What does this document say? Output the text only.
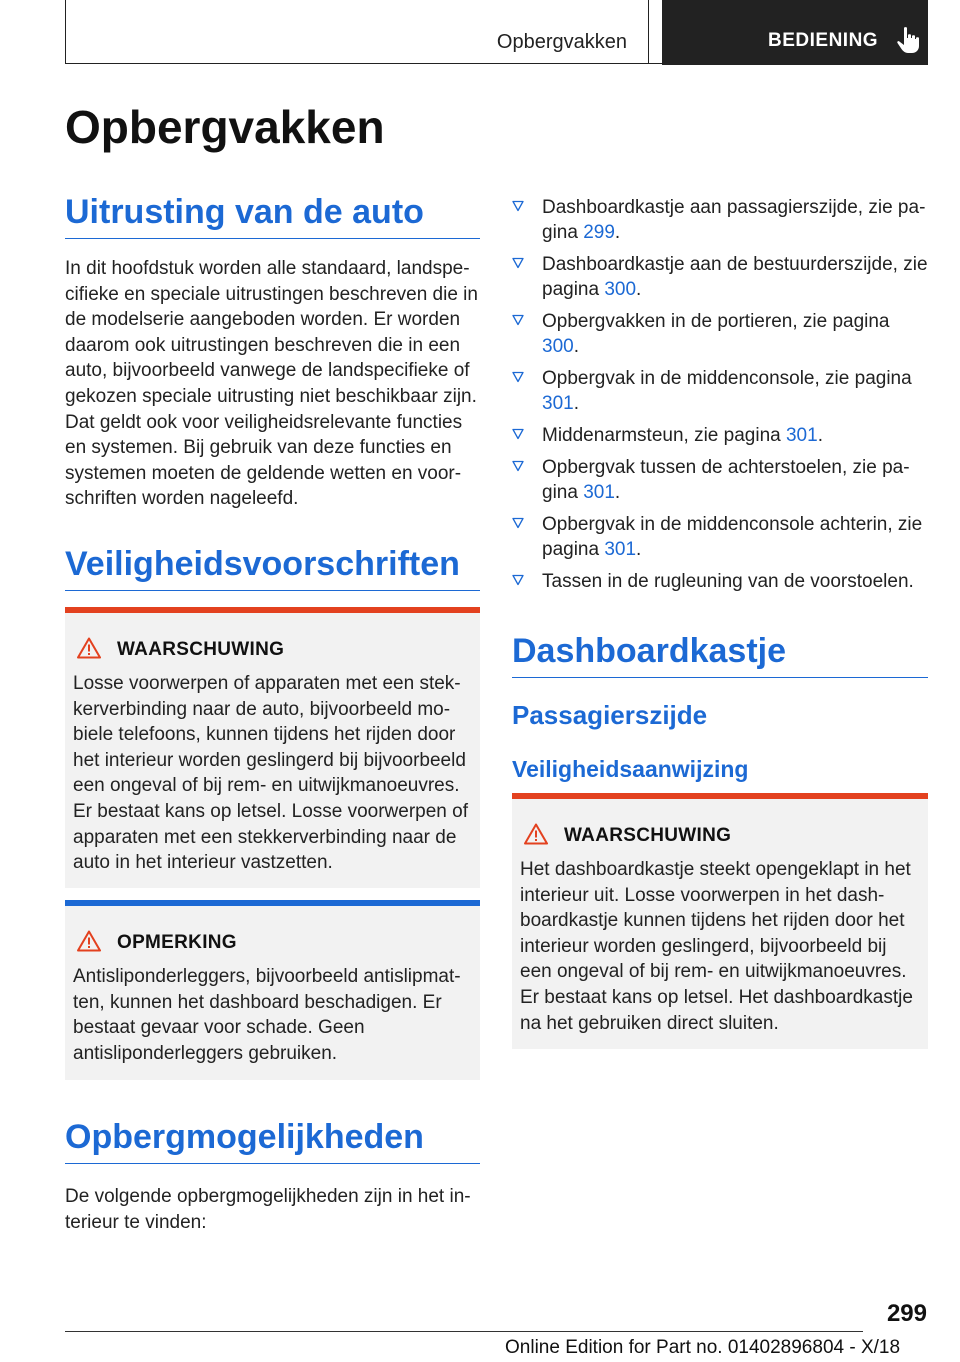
Opbergvakken	BEDIENING
Opbergvakken
Uitrusting van de auto

In dit hoofdstuk worden alle standaard, landspecifieke en speciale uitrustingen beschreven die in de modelserie aangeboden worden. Er worden daarom ook uitrustingen beschreven die in een auto, bijvoorbeeld vanwege de landspecifieke of gekozen speciale uitrusting niet beschikbaar zijn. Dat geldt ook voor veiligheidsrelevante functies en systemen. Bij gebruik van deze functies en systemen moeten de geldende wetten en voorschriften worden nageleefd.

Veiligheidsvoorschriften
WAARSCHUWING

Losse voorwerpen of apparaten met een stekkerverbinding naar de auto, bijvoorbeeld mobiele telefoons, kunnen tijdens het rijden door het interieur worden geslingerd bij bijvoorbeeld een ongeval of bij rem- en uitwijkmanoeuvres. Er bestaat kans op letsel. Losse voorwerpen of apparaten met een stekkerverbinding naar de auto in het interieur vastzetten.

OPMERKING

Antisliponderleggers, bijvoorbeeld antislipmatten, kunnen het dashboard beschadigen. Er bestaat gevaar voor schade. Geen antisliponderleggers gebruiken.

Opbergmogelijkheden

De volgende opbergmogelijkheden zijn in het interieur te vinden:

Dashboardkastje aan passagierszijde, zie pagina 299.
Dashboardkastje aan de bestuurderszijde, zie pagina 300.
Opbergvakken in de portieren, zie pagina 300.
Opbergvak in de middenconsole, zie pagina 301.
Middenarmsteun, zie pagina 301.
Opbergvak tussen de achterstoelen, zie pagina 301.
Opbergvak in de middenconsole achterin, zie pagina 301.
Tassen in de rugleuning van de voorstoelen.
Dashboardkastje
Passagierszijde
Veiligheidsaanwijzing
WAARSCHUWING

Het dashboardkastje steekt opengeklapt in het interieur uit. Losse voorwerpen in het dashboardkastje kunnen tijdens het rijden door het interieur worden geslingerd, bijvoorbeeld bij een ongeval of bij rem- en uitwijkmanoeuvres. Er bestaat kans op letsel. Het dashboardkastje na het gebruiken direct sluiten.

299
Online Edition for Part no. 01402896804 - X/18
